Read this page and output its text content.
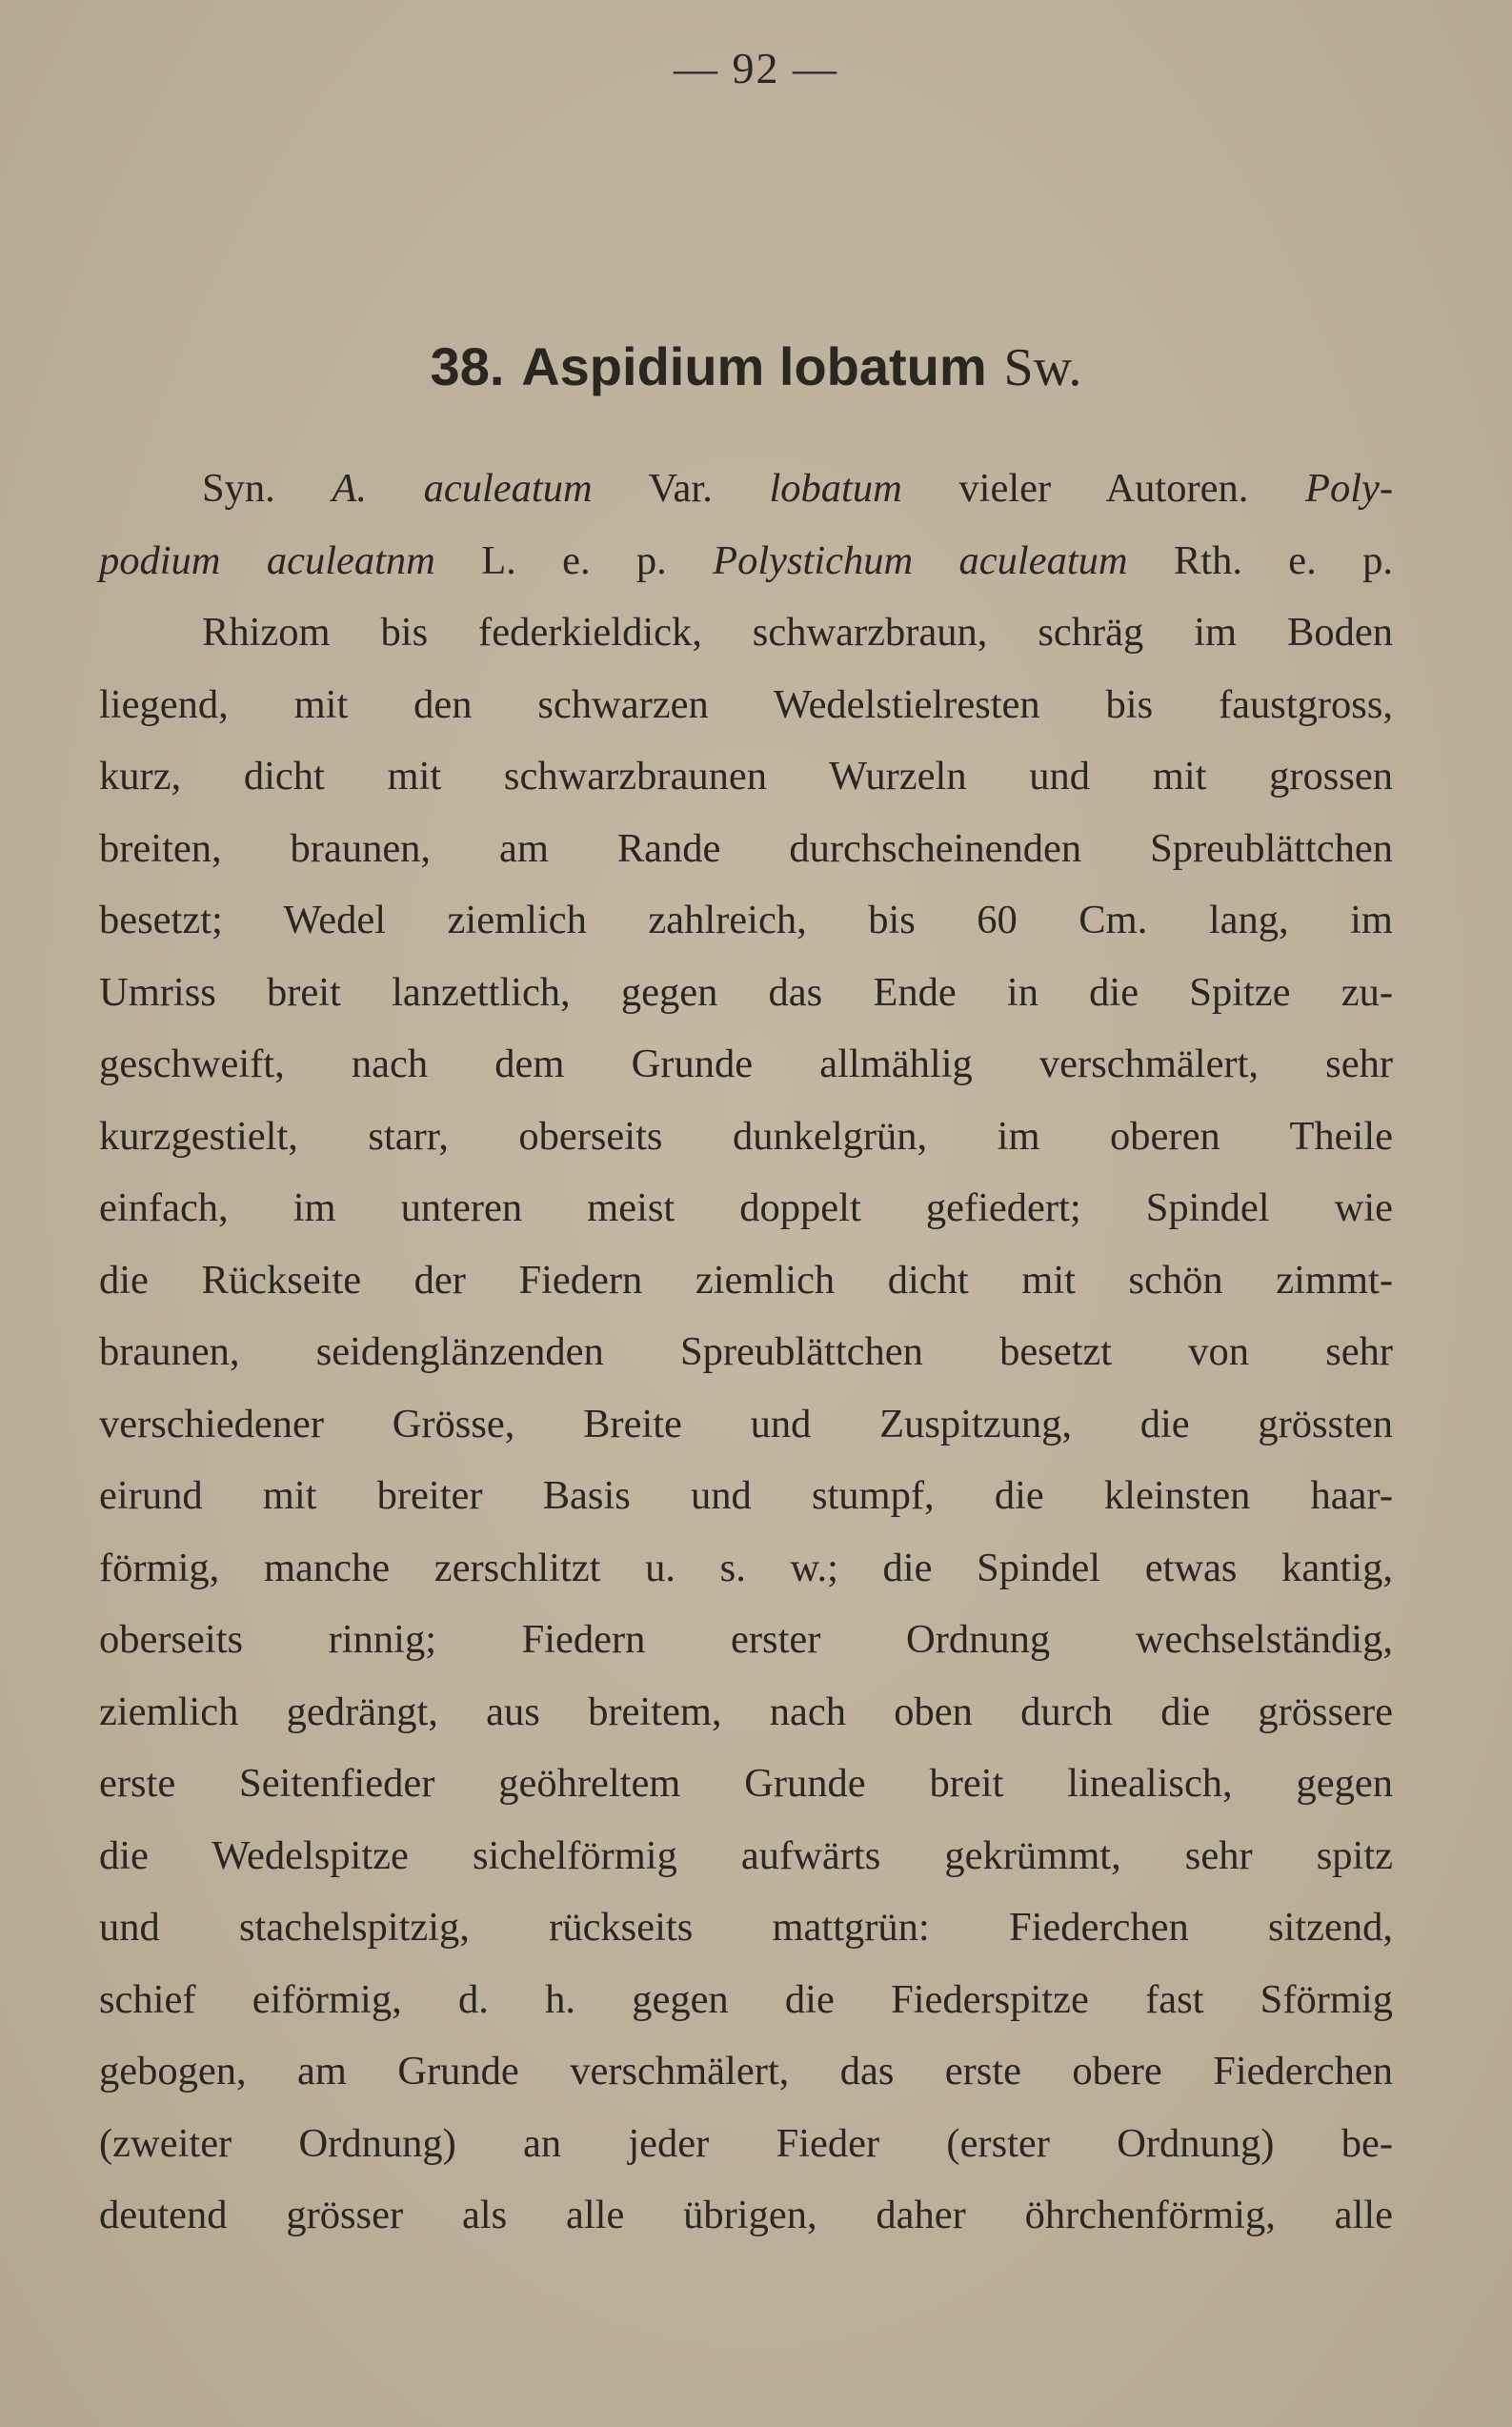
— 92 —
38. Aspidium lobatum Sw.
Syn. A. aculeatum Var. lobatum vieler Autoren. Poly-
podium aculeatnm L. e. p. Polystichum aculeatum Rth. e. p.
Rhizom bis federkieldick, schwarzbraun, schräg im Boden
liegend, mit den schwarzen Wedelstielresten bis faustgross,
kurz, dicht mit schwarzbraunen Wurzeln und mit grossen
breiten, braunen, am Rande durchscheinenden Spreublättchen
besetzt; Wedel ziemlich zahlreich, bis 60 Cm. lang, im
Umriss breit lanzettlich, gegen das Ende in die Spitze zu-
geschweift, nach dem Grunde allmählig verschmälert, sehr
kurzgestielt, starr, oberseits dunkelgrün, im oberen Theile
einfach, im unteren meist doppelt gefiedert; Spindel wie
die Rückseite der Fiedern ziemlich dicht mit schön zimmt-
braunen, seidenglänzenden Spreublättchen besetzt von sehr
verschiedener Grösse, Breite und Zuspitzung, die grössten
eirund mit breiter Basis und stumpf, die kleinsten haar-
förmig, manche zerschlitzt u. s. w.; die Spindel etwas kantig,
oberseits rinnig; Fiedern erster Ordnung wechselständig,
ziemlich gedrängt, aus breitem, nach oben durch die grössere
erste Seitenfieder geöhreltem Grunde breit linealisch, gegen
die Wedelspitze sichelförmig aufwärts gekrümmt, sehr spitz
und stachelspitzig, rückseits mattgrün: Fiederchen sitzend,
schief eiförmig, d. h. gegen die Fiederspitze fast Sförmig
gebogen, am Grunde verschmälert, das erste obere Fiederchen
(zweiter Ordnung) an jeder Fieder (erster Ordnung) be-
deutend grösser als alle übrigen, daher öhrchenförmig, alle
